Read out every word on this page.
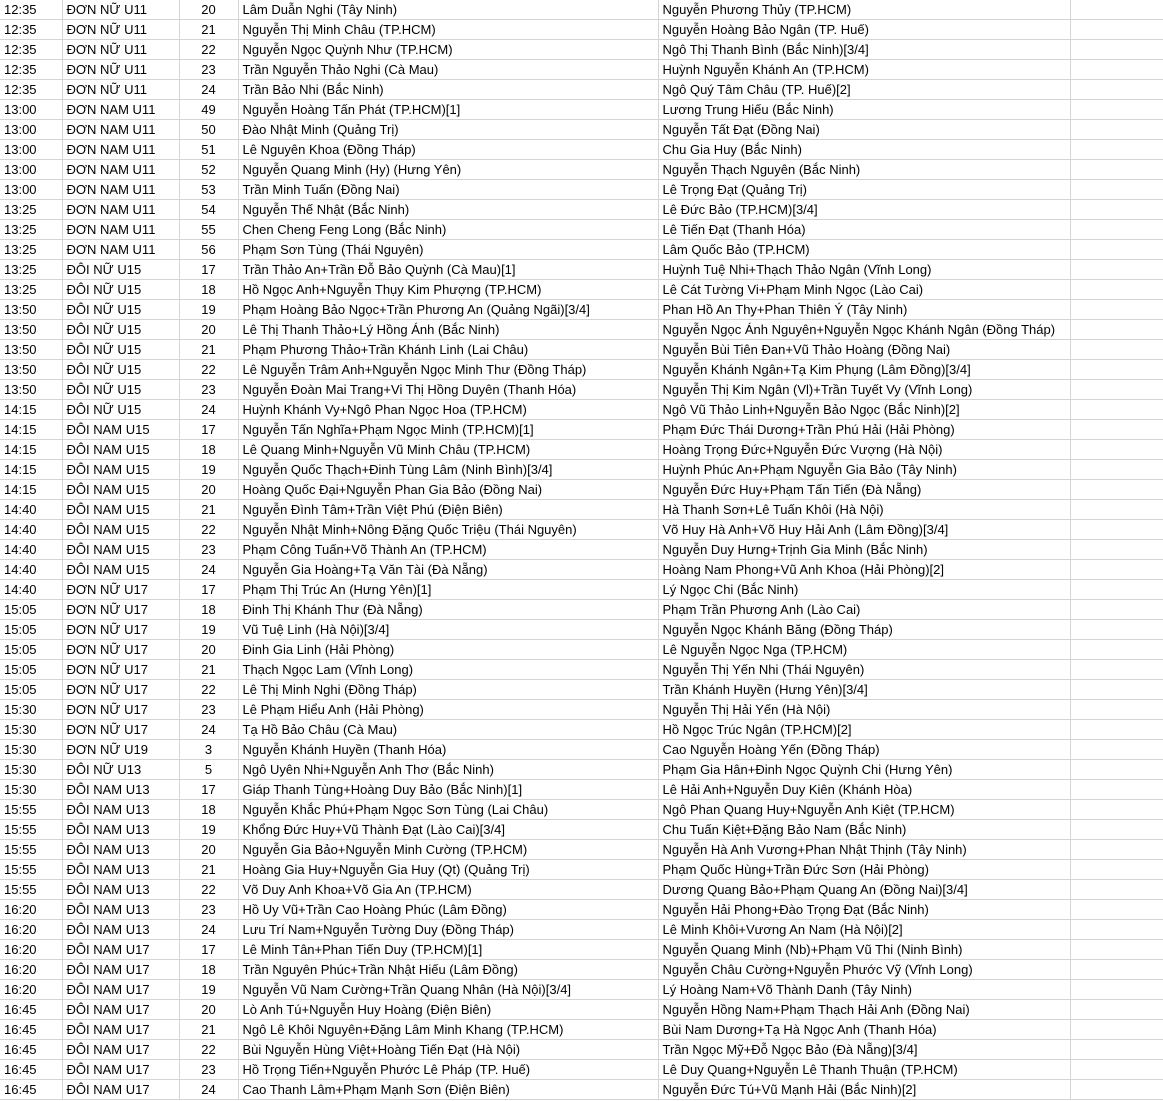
12:35	ĐƠN NỮ U11	20	Lâm Duẫn Nghi (Tây Ninh)	Nguyễn Phương Thủy (TP.HCM)	
12:35	ĐƠN NỮ U11	21	Nguyễn Thị Minh Châu (TP.HCM)	Nguyễn Hoàng Bảo Ngân (TP. Huế)	
12:35	ĐƠN NỮ U11	22	Nguyễn Ngọc Quỳnh Như (TP.HCM)	Ngô Thị Thanh Bình (Bắc Ninh)[3/4]	
12:35	ĐƠN NỮ U11	23	Trần Nguyễn Thảo Nghi (Cà Mau)	Huỳnh Nguyễn Khánh An (TP.HCM)	
12:35	ĐƠN NỮ U11	24	Trần Bảo Nhi (Bắc Ninh)	Ngô Quý Tâm Châu (TP. Huế)[2]	
13:00	ĐƠN NAM U11	49	Nguyễn Hoàng Tấn Phát (TP.HCM)[1]	Lương Trung Hiếu (Bắc Ninh)	
13:00	ĐƠN NAM U11	50	Đào Nhật Minh (Quảng Trị)	Nguyễn Tất Đạt (Đồng Nai)	
13:00	ĐƠN NAM U11	51	Lê Nguyên Khoa (Đồng Tháp)	Chu Gia Huy (Bắc Ninh)	
13:00	ĐƠN NAM U11	52	Nguyễn Quang Minh (Hy) (Hưng Yên)	Nguyễn Thạch Nguyên (Bắc Ninh)	
13:00	ĐƠN NAM U11	53	Trần Minh Tuấn (Đồng Nai)	Lê Trọng Đạt (Quảng Trị)	
13:25	ĐƠN NAM U11	54	Nguyễn Thế Nhật (Bắc Ninh)	Lê Đức Bảo (TP.HCM)[3/4]	
13:25	ĐƠN NAM U11	55	Chen Cheng Feng Long (Bắc Ninh)	Lê Tiến Đạt (Thanh Hóa)	
13:25	ĐƠN NAM U11	56	Phạm Sơn Tùng (Thái Nguyên)	Lâm Quốc Bảo (TP.HCM)	
13:25	ĐÔI NỮ U15	17	Trần Thảo An+Trần Đỗ Bảo Quỳnh (Cà Mau)[1]	Huỳnh Tuệ Nhi+Thạch Thảo Ngân (Vĩnh Long)	
13:25	ĐÔI NỮ U15	18	Hồ Ngọc Anh+Nguyễn Thụy Kim Phượng (TP.HCM)	Lê Cát Tường Vi+Phạm Minh Ngọc (Lào Cai)	
13:50	ĐÔI NỮ U15	19	Phạm Hoàng Bảo Ngọc+Trần Phương An (Quảng Ngãi)[3/4]	Phan Hồ An Thy+Phan Thiên Ý (Tây Ninh)	
13:50	ĐÔI NỮ U15	20	Lê Thị Thanh Thảo+Lý Hồng Ánh (Bắc Ninh)	Nguyễn Ngọc Ánh Nguyên+Nguyễn Ngọc Khánh Ngân (Đồng Tháp)	
13:50	ĐÔI NỮ U15	21	Phạm Phương Thảo+Trần Khánh Linh (Lai Châu)	Nguyễn Bùi Tiên Đan+Vũ Thảo Hoàng (Đồng Nai)	
13:50	ĐÔI NỮ U15	22	Lê Nguyễn Trâm Anh+Nguyễn Ngọc Minh Thư (Đồng Tháp)	Nguyễn Khánh Ngân+Tạ Kim Phụng (Lâm Đồng)[3/4]	
13:50	ĐÔI NỮ U15	23	Nguyễn Đoàn Mai Trang+Vi Thị Hồng Duyên (Thanh Hóa)	Nguyễn Thị Kim Ngân (Vl)+Trần Tuyết Vy (Vĩnh Long)	
14:15	ĐÔI NỮ U15	24	Huỳnh Khánh Vy+Ngô Phan Ngọc Hoa (TP.HCM)	Ngô Vũ Thảo Linh+Nguyễn Bảo Ngọc (Bắc Ninh)[2]	
14:15	ĐÔI NAM U15	17	Nguyễn Tấn Nghĩa+Phạm Ngọc Minh (TP.HCM)[1]	Phạm Đức Thái Dương+Trần Phú Hải (Hải Phòng)	
14:15	ĐÔI NAM U15	18	Lê Quang Minh+Nguyễn Vũ Minh Châu (TP.HCM)	Hoàng Trọng Đức+Nguyễn Đức Vượng (Hà Nội)	
14:15	ĐÔI NAM U15	19	Nguyễn Quốc Thạch+Đinh Tùng Lâm (Ninh Bình)[3/4]	Huỳnh Phúc An+Phạm Nguyễn Gia Bảo (Tây Ninh)	
14:15	ĐÔI NAM U15	20	Hoàng Quốc Đại+Nguyễn Phan Gia Bảo (Đồng Nai)	Nguyễn Đức Huy+Phạm Tấn Tiến (Đà Nẵng)	
14:40	ĐÔI NAM U15	21	Nguyễn Đình Tâm+Trần Việt Phú (Điện Biên)	Hà Thanh Sơn+Lê Tuấn Khôi (Hà Nội)	
14:40	ĐÔI NAM U15	22	Nguyễn Nhật Minh+Nông Đặng Quốc Triệu (Thái Nguyên)	Võ Huy Hà Anh+Võ Huy Hải Anh (Lâm Đồng)[3/4]	
14:40	ĐÔI NAM U15	23	Phạm Công Tuấn+Võ Thành An (TP.HCM)	Nguyễn Duy Hưng+Trịnh Gia Minh (Bắc Ninh)	
14:40	ĐÔI NAM U15	24	Nguyễn Gia Hoàng+Tạ Văn Tài (Đà Nẵng)	Hoàng Nam Phong+Vũ Anh Khoa (Hải Phòng)[2]	
14:40	ĐƠN NỮ U17	17	Phạm Thị Trúc An (Hưng Yên)[1]	Lý Ngọc Chi (Bắc Ninh)	
15:05	ĐƠN NỮ U17	18	Đinh Thị Khánh Thư (Đà Nẵng)	Phạm Trần Phương Anh (Lào Cai)	
15:05	ĐƠN NỮ U17	19	Vũ Tuệ Linh (Hà Nội)[3/4]	Nguyễn Ngọc Khánh Băng (Đồng Tháp)	
15:05	ĐƠN NỮ U17	20	Đinh Gia Linh (Hải Phòng)	Lê Nguyễn Ngọc Nga (TP.HCM)	
15:05	ĐƠN NỮ U17	21	Thạch Ngọc Lam (Vĩnh Long)	Nguyễn Thị Yến Nhi (Thái Nguyên)	
15:05	ĐƠN NỮ U17	22	Lê Thị Minh Nghi (Đồng Tháp)	Trần Khánh Huyền (Hưng Yên)[3/4]	
15:30	ĐƠN NỮ U17	23	Lê Phạm Hiểu Anh (Hải Phòng)	Nguyễn Thị Hải Yến (Hà Nội)	
15:30	ĐƠN NỮ U17	24	Tạ Hồ Bảo Châu (Cà Mau)	Hồ Ngọc Trúc Ngân (TP.HCM)[2]	
15:30	ĐƠN NỮ U19	3	Nguyễn Khánh Huyền (Thanh Hóa)	Cao Nguyễn Hoàng Yến (Đồng Tháp)	
15:30	ĐÔI NỮ U13	5	Ngô Uyên Nhi+Nguyễn Anh Thơ (Bắc Ninh)	Phạm Gia Hân+Đinh Ngọc Quỳnh Chi (Hưng Yên)	
15:30	ĐÔI NAM U13	17	Giáp Thanh Tùng+Hoàng Duy Bảo (Bắc Ninh)[1]	Lê Hải Anh+Nguyễn Duy Kiên (Khánh Hòa)	
15:55	ĐÔI NAM U13	18	Nguyễn Khắc Phú+Phạm Ngọc Sơn Tùng (Lai Châu)	Ngô Phan Quang Huy+Nguyễn Anh Kiệt (TP.HCM)	
15:55	ĐÔI NAM U13	19	Khổng Đức Huy+Vũ Thành Đạt (Lào Cai)[3/4]	Chu Tuấn Kiệt+Đặng Bảo Nam (Bắc Ninh)	
15:55	ĐÔI NAM U13	20	Nguyễn Gia Bảo+Nguyễn Minh Cường (TP.HCM)	Nguyễn Hà Anh Vương+Phan Nhật Thịnh (Tây Ninh)	
15:55	ĐÔI NAM U13	21	Hoàng Gia Huy+Nguyễn Gia Huy (Qt) (Quảng Trị)	Phạm Quốc Hùng+Trần Đức Sơn (Hải Phòng)	
15:55	ĐÔI NAM U13	22	Võ Duy Anh Khoa+Võ Gia An (TP.HCM)	Dương Quang Bảo+Phạm Quang An (Đồng Nai)[3/4]	
16:20	ĐÔI NAM U13	23	Hồ Uy Vũ+Trần Cao Hoàng Phúc (Lâm Đồng)	Nguyễn Hải Phong+Đào Trọng Đạt (Bắc Ninh)	
16:20	ĐÔI NAM U13	24	Lưu Trí Nam+Nguyễn Tường Duy (Đồng Tháp)	Lê Minh Khôi+Vương An Nam (Hà Nội)[2]	
16:20	ĐÔI NAM U17	17	Lê Minh Tân+Phan Tiến Duy (TP.HCM)[1]	Nguyễn Quang Minh (Nb)+Phạm Vũ Thi (Ninh Bình)	
16:20	ĐÔI NAM U17	18	Trần Nguyên Phúc+Trần Nhật Hiếu (Lâm Đồng)	Nguyễn Châu Cường+Nguyễn Phước Vỹ (Vĩnh Long)	
16:20	ĐÔI NAM U17	19	Nguyễn Vũ Nam Cường+Trần Quang Nhân (Hà Nội)[3/4]	Lý Hoàng Nam+Võ Thành Danh (Tây Ninh)	
16:45	ĐÔI NAM U17	20	Lò Anh Tú+Nguyễn Huy Hoàng (Điện Biên)	Nguyễn Hồng Nam+Phạm Thạch Hải Anh (Đồng Nai)	
16:45	ĐÔI NAM U17	21	Ngô Lê Khôi Nguyên+Đặng Lâm Minh Khang (TP.HCM)	Bùi Nam Dương+Tạ Hà Ngọc Anh (Thanh Hóa)	
16:45	ĐÔI NAM U17	22	Bùi Nguyễn Hùng Việt+Hoàng Tiến Đạt (Hà Nội)	Trần Ngọc Mỹ+Đỗ Ngọc Bảo (Đà Nẵng)[3/4]	
16:45	ĐÔI NAM U17	23	Hồ Trọng Tiến+Nguyễn Phước Lê Pháp (TP. Huế)	Lê Duy Quang+Nguyễn Lê Thanh Thuận (TP.HCM)	
16:45	ĐÔI NAM U17	24	Cao Thanh Lâm+Phạm Mạnh Sơn (Điện Biên)	Nguyễn Đức Tú+Vũ Mạnh Hải (Bắc Ninh)[2]	
